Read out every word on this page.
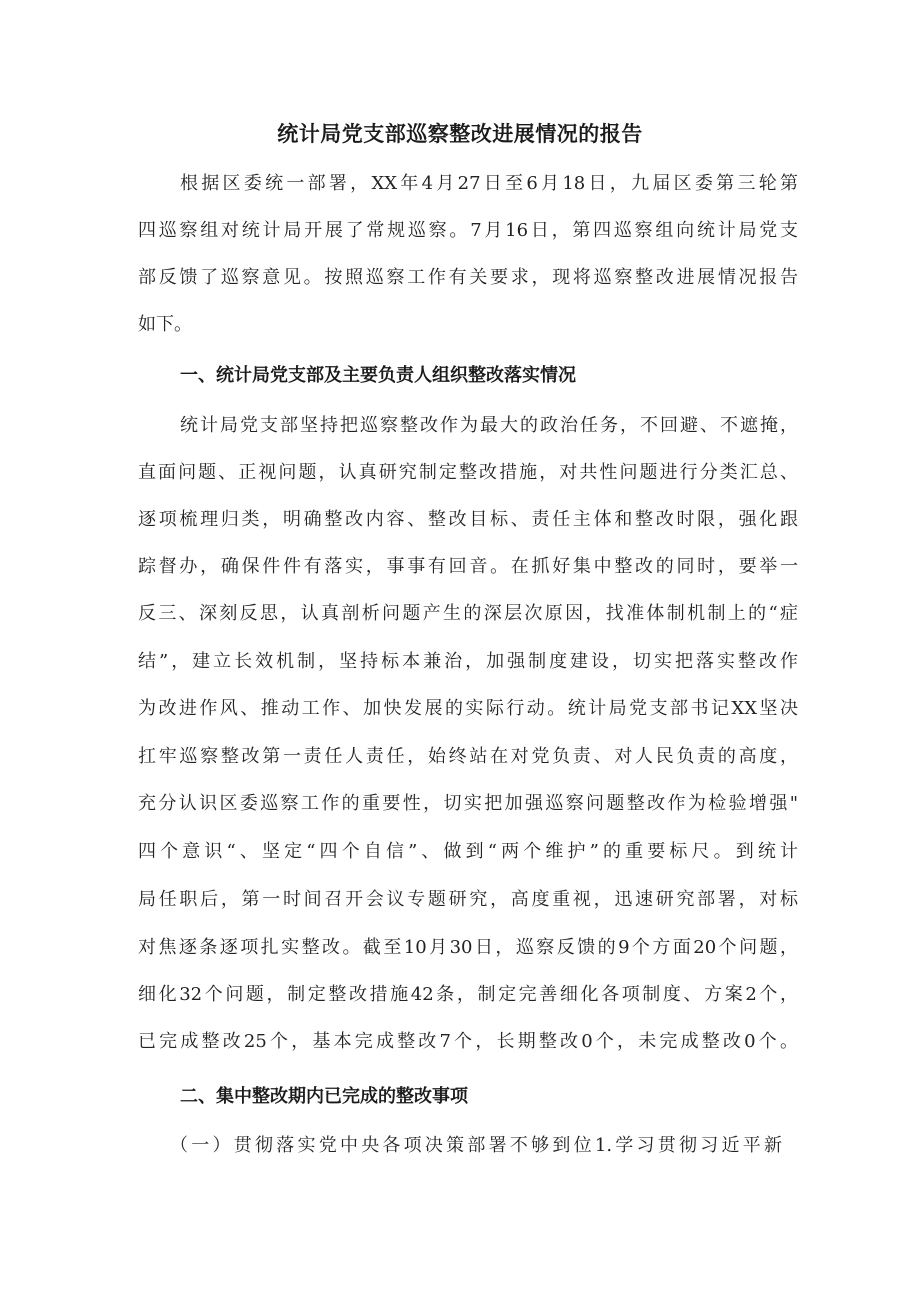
统计局党支部巡察整改进展情况的报告
根据区委统一部署，XX年4月27日至6月18日，九届区委第三轮第
四巡察组对统计局开展了常规巡察。7月16日，第四巡察组向统计局党支
部反馈了巡察意见。按照巡察工作有关要求，现将巡察整改进展情况报告
如下。
一、统计局党支部及主要负责人组织整改落实情况
统计局党支部坚持把巡察整改作为最大的政治任务，不回避、不遮掩，
直面问题、正视问题，认真研究制定整改措施，对共性问题进行分类汇总、
逐项梳理归类，明确整改内容、整改目标、责任主体和整改时限，强化跟
踪督办，确保件件有落实，事事有回音。在抓好集中整改的同时，要举一
反三、深刻反思，认真剖析问题产生的深层次原因，找准体制机制上的“症
结”，建立长效机制，坚持标本兼治，加强制度建设，切实把落实整改作
为改进作风、推动工作、加快发展的实际行动。统计局党支部书记XX坚决
扛牢巡察整改第一责任人责任，始终站在对党负责、对人民负责的高度，
充分认识区委巡察工作的重要性，切实把加强巡察问题整改作为检验增强"
四个意识“、坚定“四个自信”、做到“两个维护”的重要标尺。到统计
局任职后，第一时间召开会议专题研究，高度重视，迅速研究部署，对标
对焦逐条逐项扎实整改。截至10月30日，巡察反馈的9个方面20个问题，
细化32个问题，制定整改措施42条，制定完善细化各项制度、方案2个，
已完成整改25个，基本完成整改7个，长期整改0个，未完成整改0个。
二、集中整改期内已完成的整改事项
（一）贯彻落实党中央各项决策部署不够到位1.学习贯彻习近平新
